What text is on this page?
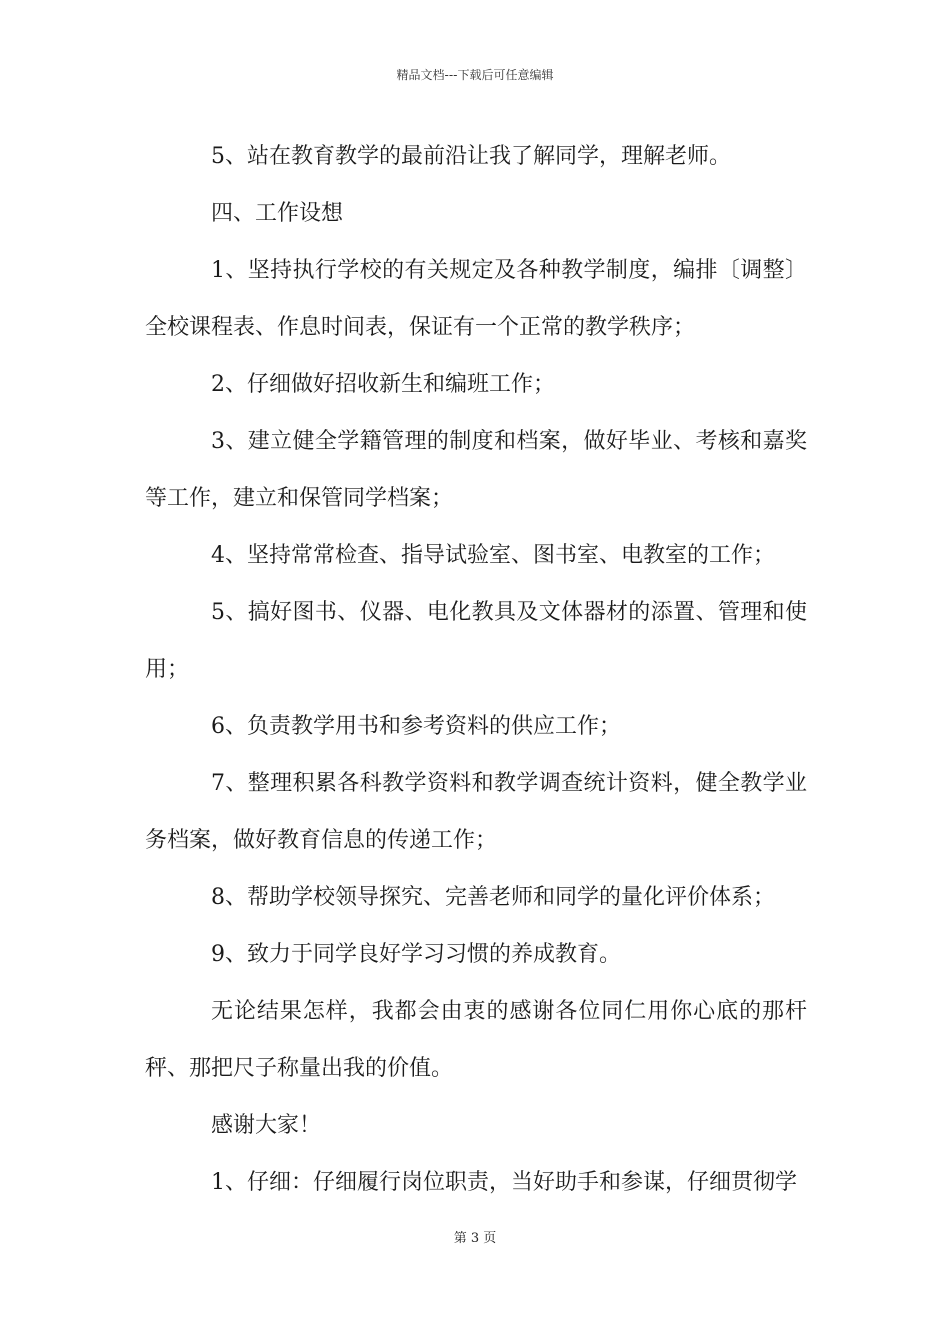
精品文档---下载后可任意编辑

5、站在教育教学的最前沿让我了解同学，理解老师。

四、工作设想

1、坚持执行学校的有关规定及各种教学制度，编排〔调整〕全校课程表、作息时间表，保证有一个正常的教学秩序；

2、仔细做好招收新生和编班工作；

3、建立健全学籍管理的制度和档案，做好毕业、考核和嘉奖等工作，建立和保管同学档案；

4、坚持常常检查、指导试验室、图书室、电教室的工作；

5、搞好图书、仪器、电化教具及文体器材的添置、管理和使用；

6、负责教学用书和参考资料的供应工作；

7、整理积累各科教学资料和教学调查统计资料，健全教学业务档案，做好教育信息的传递工作；

8、帮助学校领导探究、完善老师和同学的量化评价体系；

9、致力于同学良好学习习惯的养成教育。

无论结果怎样，我都会由衷的感谢各位同仁用你心底的那杆秤、那把尺子称量出我的价值。

感谢大家！

1、仔细：仔细履行岗位职责，当好助手和参谋，仔细贯彻学

第 3 页
